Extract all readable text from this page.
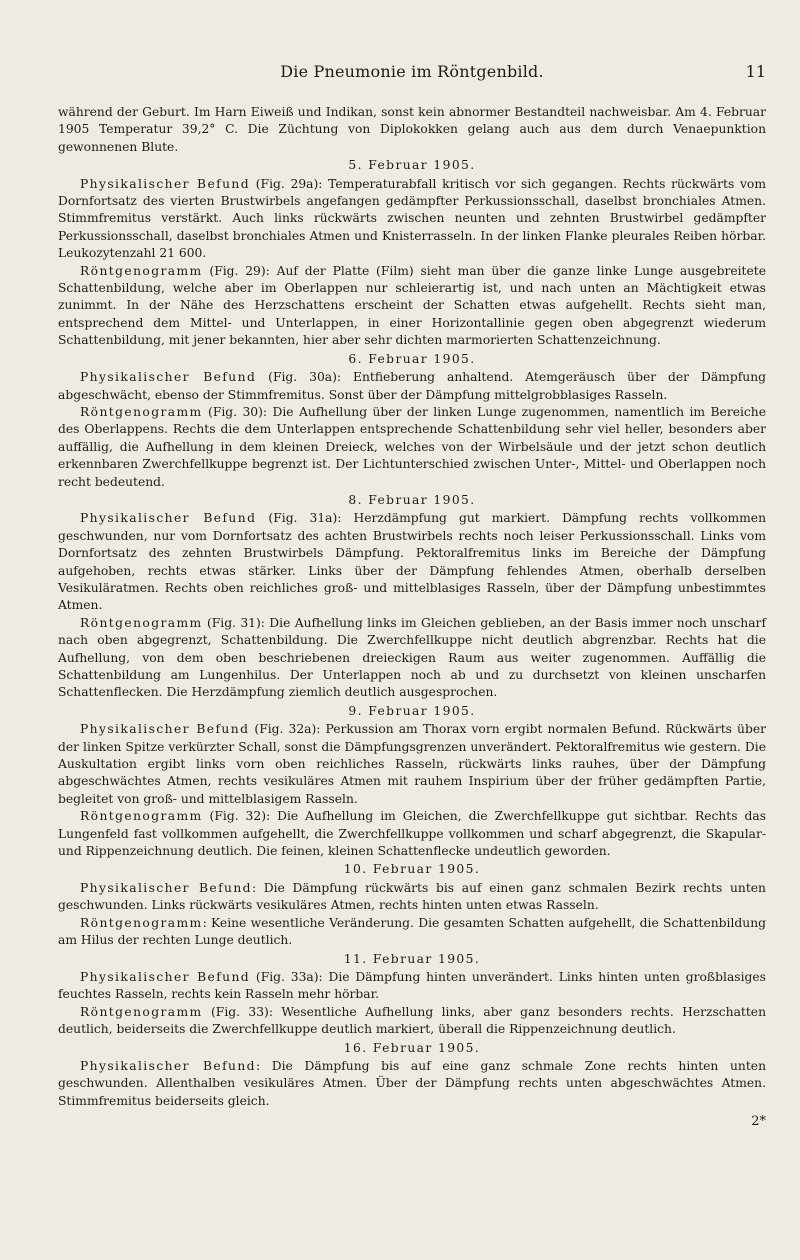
Die Pneumonie im Röntgenbild.	11

während der Geburt. Im Harn Eiweiß und Indikan, sonst kein abnormer Bestandteil nachweisbar. Am 4. Februar 1905 Temperatur 39,2° C. Die Züchtung von Diplokokken gelang auch aus dem durch Venaepunktion gewonnenen Blute.

5. Februar 1905.

Physikalischer Befund (Fig. 29a): Temperaturabfall kritisch vor sich gegangen. Rechts rückwärts vom Dornfortsatz des vierten Brustwirbels angefangen gedämpfter Perkussionsschall, daselbst bronchiales Atmen. Stimmfremitus verstärkt. Auch links rückwärts zwischen neunten und zehnten Brustwirbel gedämpfter Perkussionsschall, daselbst bronchiales Atmen und Knisterrasseln. In der linken Flanke pleurales Reiben hörbar. Leukozytenzahl 21 600.

Röntgenogramm (Fig. 29): Auf der Platte (Film) sieht man über die ganze linke Lunge ausgebreitete Schattenbildung, welche aber im Oberlappen nur schleierartig ist, und nach unten an Mächtigkeit etwas zunimmt. In der Nähe des Herzschattens erscheint der Schatten etwas aufgehellt. Rechts sieht man, entsprechend dem Mittel- und Unterlappen, in einer Horizontallinie gegen oben abgegrenzt wiederum Schattenbildung, mit jener bekannten, hier aber sehr dichten marmorierten Schattenzeichnung.

6. Februar 1905.

Physikalischer Befund (Fig. 30a): Entfieberung anhaltend. Atemgeräusch über der Dämpfung abgeschwächt, ebenso der Stimmfremitus. Sonst über der Dämpfung mittelgrobblasiges Rasseln.

Röntgenogramm (Fig. 30): Die Aufhellung über der linken Lunge zugenommen, namentlich im Bereiche des Oberlappens. Rechts die dem Unterlappen entsprechende Schattenbildung sehr viel heller, besonders aber auffällig, die Aufhellung in dem kleinen Dreieck, welches von der Wirbelsäule und der jetzt schon deutlich erkennbaren Zwerchfellkuppe begrenzt ist. Der Lichtunterschied zwischen Unter-, Mittel- und Oberlappen noch recht bedeutend.

8. Februar 1905.

Physikalischer Befund (Fig. 31a): Herzdämpfung gut markiert. Dämpfung rechts vollkommen geschwunden, nur vom Dornfortsatz des achten Brustwirbels rechts noch leiser Perkussionsschall. Links vom Dornfortsatz des zehnten Brustwirbels Dämpfung. Pektoralfremitus links im Bereiche der Dämpfung aufgehoben, rechts etwas stärker. Links über der Dämpfung fehlendes Atmen, oberhalb derselben Vesikuläratmen. Rechts oben reichliches groß- und mittelblasiges Rasseln, über der Dämpfung unbestimmtes Atmen.

Röntgenogramm (Fig. 31): Die Aufhellung links im Gleichen geblieben, an der Basis immer noch unscharf nach oben abgegrenzt, Schattenbildung. Die Zwerchfellkuppe nicht deutlich abgrenzbar. Rechts hat die Aufhellung, von dem oben beschriebenen dreieckigen Raum aus weiter zugenommen. Auffällig die Schattenbildung am Lungenhilus. Der Unterlappen noch ab und zu durchsetzt von kleinen unscharfen Schattenflecken. Die Herzdämpfung ziemlich deutlich ausgesprochen.

9. Februar 1905.

Physikalischer Befund (Fig. 32a): Perkussion am Thorax vorn ergibt normalen Befund. Rückwärts über der linken Spitze verkürzter Schall, sonst die Dämpfungsgrenzen unverändert. Pektoralfremitus wie gestern. Die Auskultation ergibt links vorn oben reichliches Rasseln, rückwärts links rauhes, über der Dämpfung abgeschwächtes Atmen, rechts vesikuläres Atmen mit rauhem Inspirium über der früher gedämpften Partie, begleitet von groß- und mittelblasigem Rasseln.

Röntgenogramm (Fig. 32): Die Aufhellung im Gleichen, die Zwerchfellkuppe gut sichtbar. Rechts das Lungenfeld fast vollkommen aufgehellt, die Zwerchfellkuppe vollkommen und scharf abgegrenzt, die Skapular- und Rippenzeichnung deutlich. Die feinen, kleinen Schattenflecke undeutlich geworden.

10. Februar 1905.

Physikalischer Befund: Die Dämpfung rückwärts bis auf einen ganz schmalen Bezirk rechts unten geschwunden. Links rückwärts vesikuläres Atmen, rechts hinten unten etwas Rasseln.

Röntgenogramm: Keine wesentliche Veränderung. Die gesamten Schatten aufgehellt, die Schattenbildung am Hilus der rechten Lunge deutlich.

11. Februar 1905.

Physikalischer Befund (Fig. 33a): Die Dämpfung hinten unverändert. Links hinten unten großblasiges feuchtes Rasseln, rechts kein Rasseln mehr hörbar.

Röntgenogramm (Fig. 33): Wesentliche Aufhellung links, aber ganz besonders rechts. Herzschatten deutlich, beiderseits die Zwerchfellkuppe deutlich markiert, überall die Rippenzeichnung deutlich.

16. Februar 1905.

Physikalischer Befund: Die Dämpfung bis auf eine ganz schmale Zone rechts hinten unten geschwunden. Allenthalben vesikuläres Atmen. Über der Dämpfung rechts unten abgeschwächtes Atmen. Stimmfremitus beiderseits gleich.

2*
